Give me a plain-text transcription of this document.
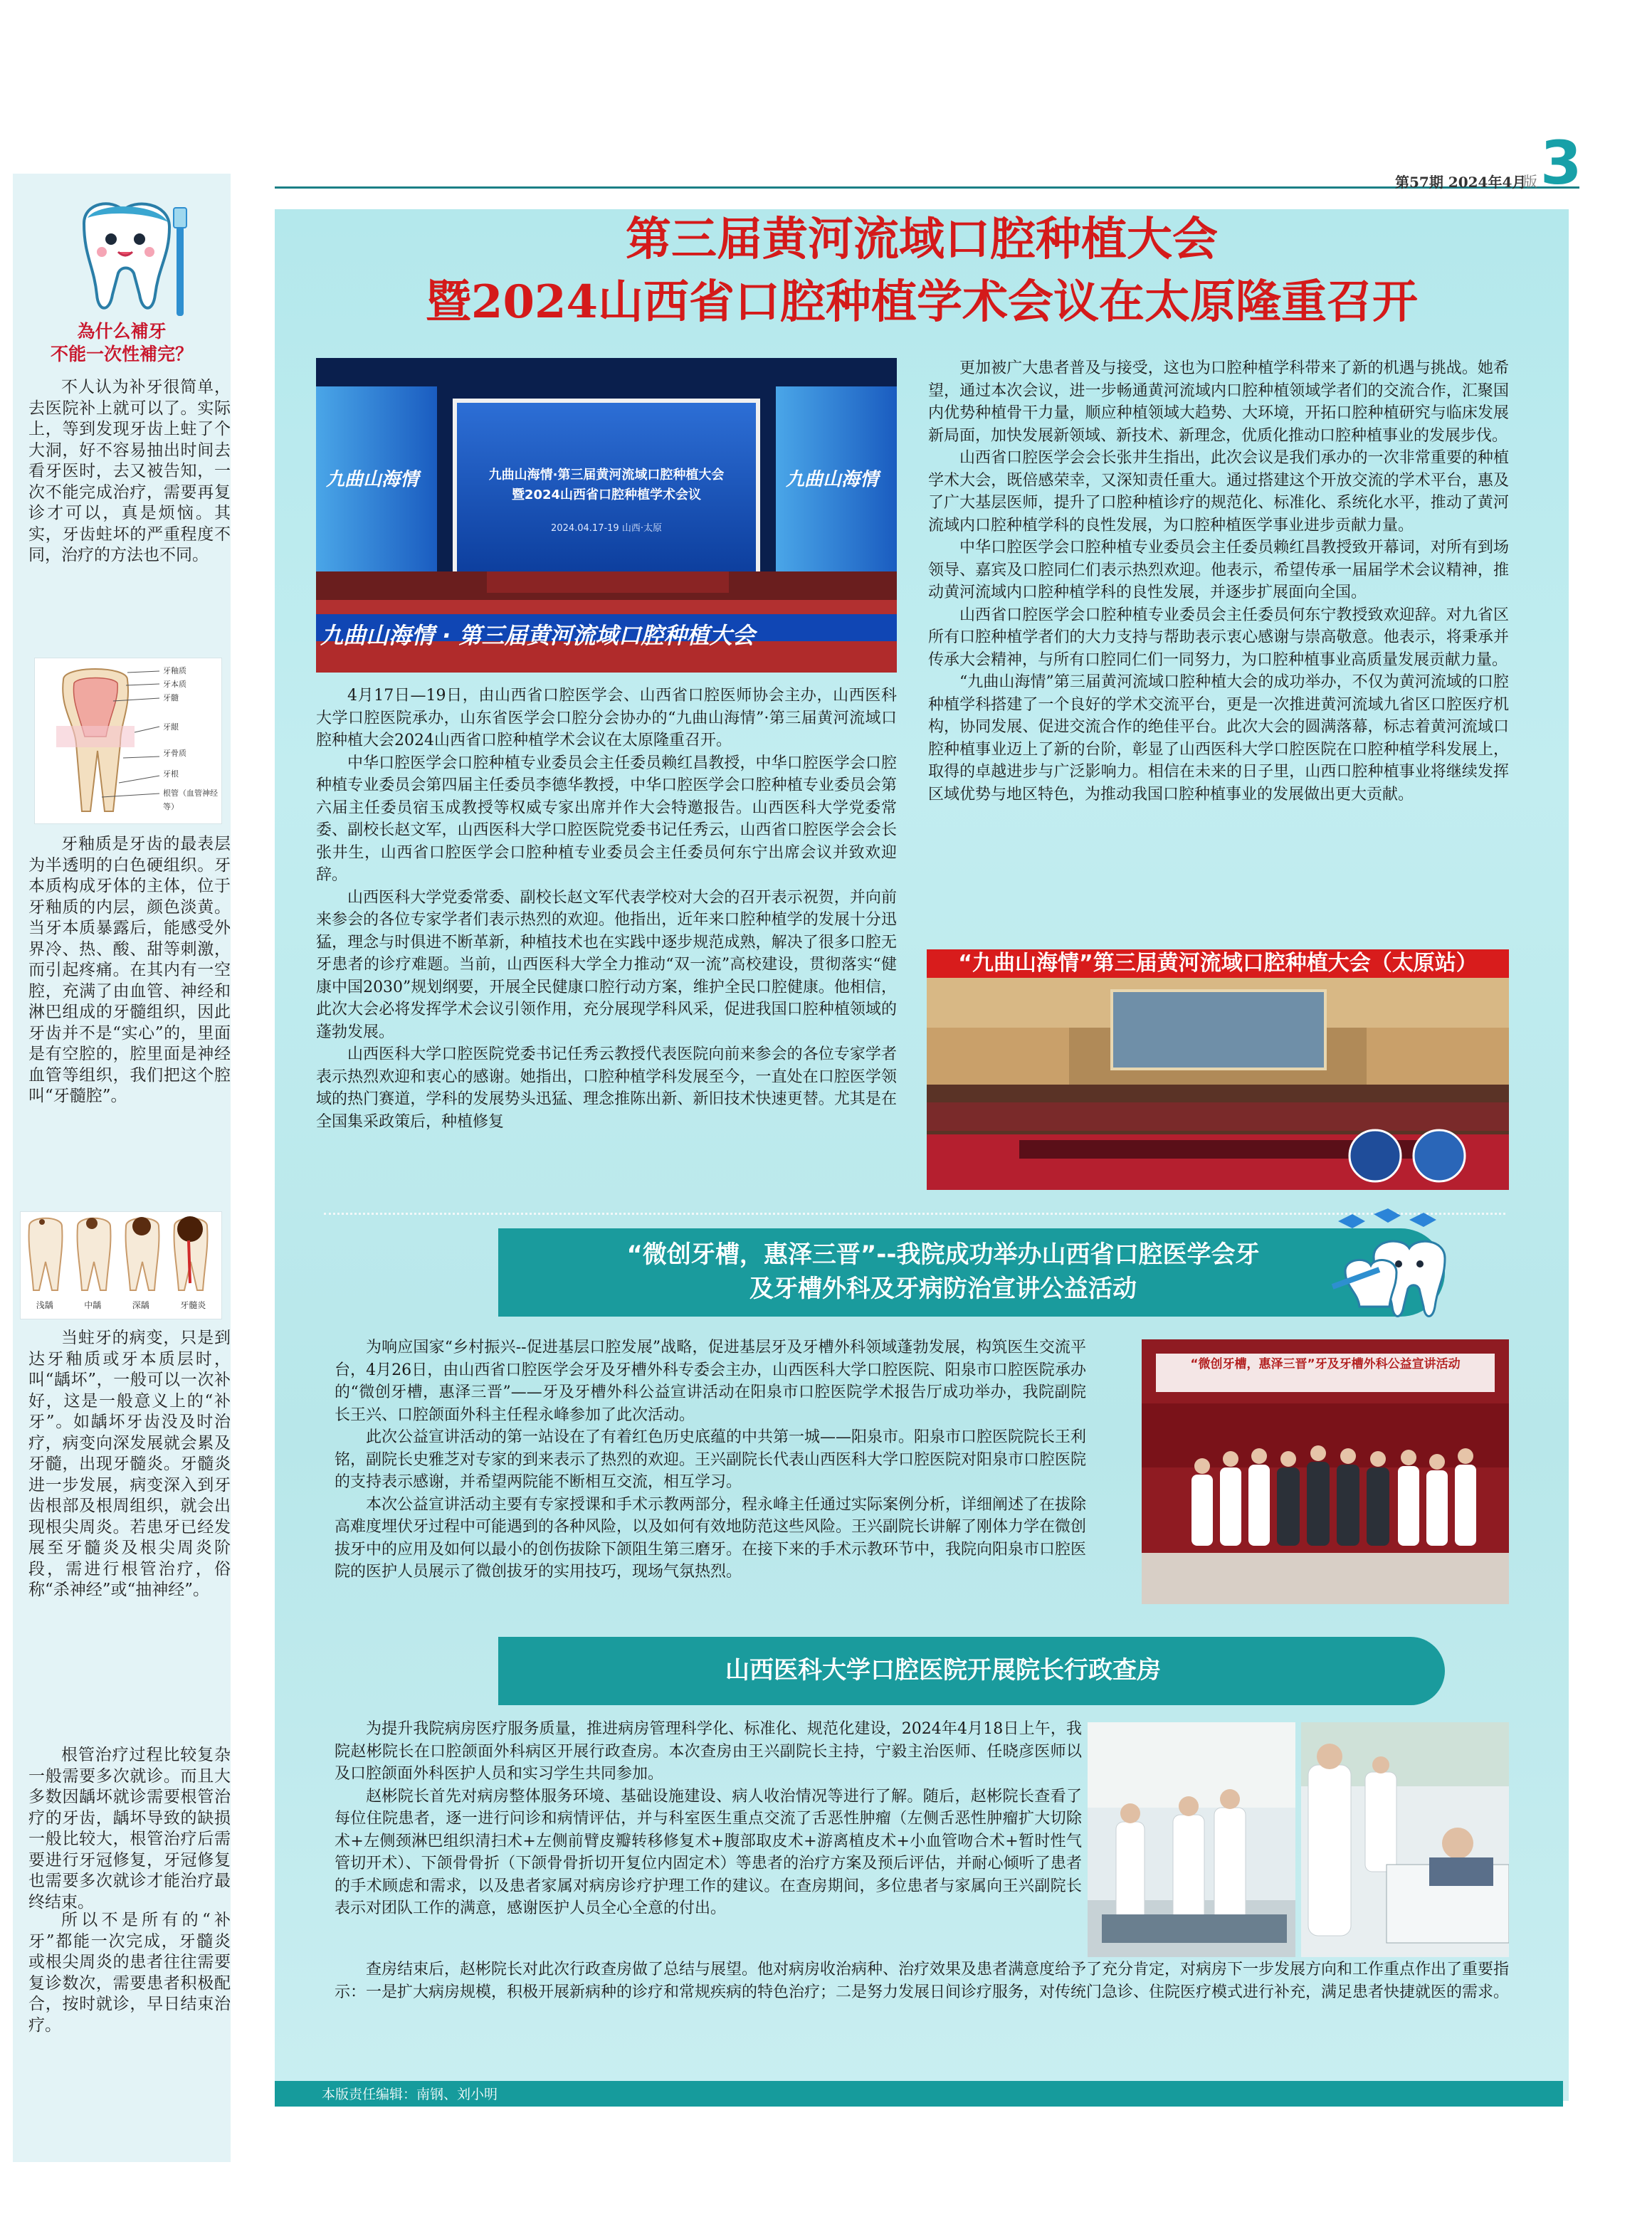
第57期 2024年4月
版 3
為什么補牙
不能一次性補完？

不人认为补牙很简单，去医院补上就可以了。实际上，等到发现牙齿上蛀了个大洞，好不容易抽出时间去看牙医时，去又被告知，一次不能完成治疗，需要再复诊才可以，真是烦恼。其实，牙齿蛀坏的严重程度不同，治疗的方法也不同。

牙釉质
牙本质
牙髓
牙龈
牙骨质
牙根
根管（血管神经等）

牙釉质是牙齿的最表层为半透明的白色硬组织。牙本质构成牙体的主体，位于牙釉质的内层，颜色淡黄。当牙本质暴露后，能感受外界冷、热、酸、甜等刺激，而引起疼痛。在其内有一空腔，充满了由血管、神经和淋巴组成的牙髓组织，因此牙齿并不是“实心”的，里面是有空腔的，腔里面是神经血管等组织，我们把这个腔叫“牙髓腔”。

浅龋	中龋	深龋	牙髓炎

当蛀牙的病变，只是到达牙釉质或牙本质层时，叫“龋坏”，一般可以一次补好，这是一般意义上的“补牙”。如龋坏牙齿没及时治疗，病变向深发展就会累及牙髓，出现牙髓炎。牙髓炎进一步发展，病变深入到牙齿根部及根周组织，就会出现根尖周炎。若患牙已经发展至牙髓炎及根尖周炎阶段，需进行根管治疗，俗称“杀神经”或“抽神经”。

根管治疗过程比较复杂一般需要多次就诊。而且大多数因龋坏就诊需要根管治疗的牙齿，龋坏导致的缺损一般比较大，根管治疗后需要进行牙冠修复，牙冠修复也需要多次就诊才能治疗最终结束。

所以不是所有的“补牙”都能一次完成，牙髓炎或根尖周炎的患者往往需要复诊数次，需要患者积极配合，按时就诊，早日结束治疗。

第三届黄河流域口腔种植大会
暨2024山西省口腔种植学术会议在太原隆重召开
九曲山海情·第三届黄河流域口腔种植大会
暨2024山西省口腔种植学术会议
2024.04.17-19 山西·太原
九曲山海情	九曲山海情
九曲山海情 · 第三届黄河流域口腔种植大会

4月17日—19日，由山西省口腔医学会、山西省口腔医师协会主办，山西医科大学口腔医院承办，山东省医学会口腔分会协办的“九曲山海情”·第三届黄河流域口腔种植大会2024山西省口腔种植学术会议在太原隆重召开。

中华口腔医学会口腔种植专业委员会主任委员赖红昌教授，中华口腔医学会口腔种植专业委员会第四届主任委员李德华教授，中华口腔医学会口腔种植专业委员会第六届主任委员宿玉成教授等权威专家出席并作大会特邀报告。山西医科大学党委常委、副校长赵文军，山西医科大学口腔医院党委书记任秀云，山西省口腔医学会会长张井生，山西省口腔医学会口腔种植专业委员会主任委员何东宁出席会议并致欢迎辞。

山西医科大学党委常委、副校长赵文军代表学校对大会的召开表示祝贺，并向前来参会的各位专家学者们表示热烈的欢迎。他指出，近年来口腔种植学的发展十分迅猛，理念与时俱进不断革新，种植技术也在实践中逐步规范成熟，解决了很多口腔无牙患者的诊疗难题。当前，山西医科大学全力推动“双一流”高校建设，贯彻落实“健康中国2030”规划纲要，开展全民健康口腔行动方案，维护全民口腔健康。他相信，此次大会必将发挥学术会议引领作用，充分展现学科风采，促进我国口腔种植领域的蓬勃发展。

山西医科大学口腔医院党委书记任秀云教授代表医院向前来参会的各位专家学者表示热烈欢迎和衷心的感谢。她指出，口腔种植学科发展至今，一直处在口腔医学领域的热门赛道，学科的发展势头迅猛、理念推陈出新、新旧技术快速更替。尤其是在全国集采政策后，种植修复

更加被广大患者普及与接受，这也为口腔种植学科带来了新的机遇与挑战。她希望，通过本次会议，进一步畅通黄河流域内口腔种植领域学者们的交流合作，汇聚国内优势种植骨干力量，顺应种植领域大趋势、大环境，开拓口腔种植研究与临床发展新局面，加快发展新领域、新技术、新理念，优质化推动口腔种植事业的发展步伐。

山西省口腔医学会会长张井生指出，此次会议是我们承办的一次非常重要的种植学术大会，既倍感荣幸，又深知责任重大。通过搭建这个开放交流的学术平台，惠及了广大基层医师，提升了口腔种植诊疗的规范化、标准化、系统化水平，推动了黄河流域内口腔种植学科的良性发展，为口腔种植医学事业进步贡献力量。

中华口腔医学会口腔种植专业委员会主任委员赖红昌教授致开幕词，对所有到场领导、嘉宾及口腔同仁们表示热烈欢迎。他表示，希望传承一届届学术会议精神，推动黄河流域内口腔种植学科的良性发展，并逐步扩展面向全国。

山西省口腔医学会口腔种植专业委员会主任委员何东宁教授致欢迎辞。对九省区所有口腔种植学者们的大力支持与帮助表示衷心感谢与崇高敬意。他表示，将秉承并传承大会精神，与所有口腔同仁们一同努力，为口腔种植事业高质量发展贡献力量。

“九曲山海情”第三届黄河流域口腔种植大会的成功举办，不仅为黄河流域的口腔种植学科搭建了一个良好的学术交流平台，更是一次推进黄河流域九省区口腔医疗机构，协同发展、促进交流合作的绝佳平台。此次大会的圆满落幕，标志着黄河流域口腔种植事业迈上了新的台阶，彰显了山西医科大学口腔医院在口腔种植学科发展上，取得的卓越进步与广泛影响力。相信在未来的日子里，山西口腔种植事业将继续发挥区域优势与地区特色，为推动我国口腔种植事业的发展做出更大贡献。

“九曲山海情”第三届黄河流域口腔种植大会（太原站）
“微创牙槽，惠泽三晋”--我院成功举办山西省口腔医学会牙
及牙槽外科及牙病防治宣讲公益活动

为响应国家“乡村振兴--促进基层口腔发展”战略，促进基层牙及牙槽外科领域蓬勃发展，构筑医生交流平台，4月26日，由山西省口腔医学会牙及牙槽外科专委会主办，山西医科大学口腔医院、阳泉市口腔医院承办的“微创牙槽，惠泽三晋”——牙及牙槽外科公益宣讲活动在阳泉市口腔医院学术报告厅成功举办，我院副院长王兴、口腔颌面外科主任程永峰参加了此次活动。

此次公益宣讲活动的第一站设在了有着红色历史底蕴的中共第一城——阳泉市。阳泉市口腔医院院长王利铭，副院长史雅芝对专家的到来表示了热烈的欢迎。王兴副院长代表山西医科大学口腔医院对阳泉市口腔医院的支持表示感谢，并希望两院能不断相互交流，相互学习。

本次公益宣讲活动主要有专家授课和手术示教两部分，程永峰主任通过实际案例分析，详细阐述了在拔除高难度埋伏牙过程中可能遇到的各种风险，以及如何有效地防范这些风险。王兴副院长讲解了刚体力学在微创拔牙中的应用及如何以最小的创伤拔除下颌阻生第三磨牙。在接下来的手术示教环节中，我院向阳泉市口腔医院的医护人员展示了微创拔牙的实用技巧，现场气氛热烈。

“微创牙槽，惠泽三晋”牙及牙槽外科公益宣讲活动
山西医科大学口腔医院开展院长行政查房

为提升我院病房医疗服务质量，推进病房管理科学化、标准化、规范化建设，2024年4月18日上午，我院赵彬院长在口腔颌面外科病区开展行政查房。本次查房由王兴副院长主持，宁毅主治医师、任晓彦医师以及口腔颌面外科医护人员和实习学生共同参加。

赵彬院长首先对病房整体服务环境、基础设施建设、病人收治情况等进行了解。随后，赵彬院长查看了每位住院患者，逐一进行问诊和病情评估，并与科室医生重点交流了舌恶性肿瘤（左侧舌恶性肿瘤扩大切除术+左侧颈淋巴组织清扫术+左侧前臂皮瓣转移修复术+腹部取皮术+游离植皮术+小血管吻合术+暂时性气管切开术）、下颌骨骨折（下颌骨骨折切开复位内固定术）等患者的治疗方案及预后评估，并耐心倾听了患者的手术顾虑和需求，以及患者家属对病房诊疗护理工作的建议。在查房期间，多位患者与家属向王兴副院长表示对团队工作的满意，感谢医护人员全心全意的付出。

查房结束后，赵彬院长对此次行政查房做了总结与展望。他对病房收治病种、治疗效果及患者满意度给予了充分肯定，对病房下一步发展方向和工作重点作出了重要指示：一是扩大病房规模，积极开展新病种的诊疗和常规疾病的特色治疗；二是努力发展日间诊疗服务，对传统门急诊、住院医疗模式进行补充，满足患者快捷就医的需求。

本版责任编辑：南钢、刘小明
